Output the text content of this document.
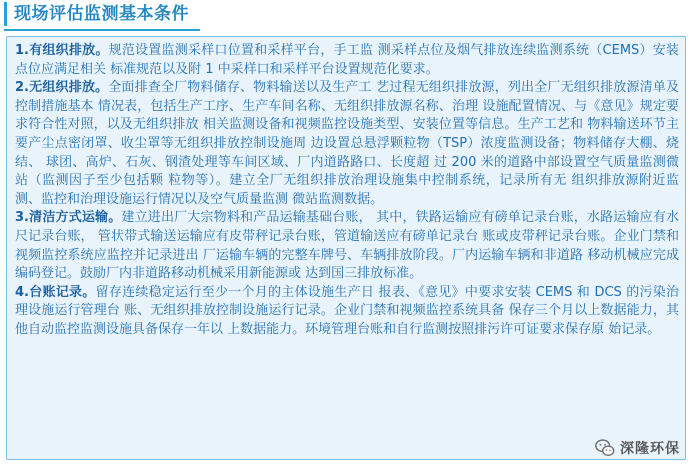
现场评估监测基本条件

1.有组织排放。规范设置监测采样口位置和采样平台，手工监 测采样点位及烟气排放连续监测系统（CEMS）安装点位应满足相关 标准规范以及附 1 中采样口和采样平台设置规范化要求。

2.无组织排放。全面排查全厂物料储存、物料输送以及生产工 艺过程无组织排放源，列出全厂无组织排放源清单及控制措施基本 情况表，包括生产工序、生产车间名称、无组织排放源名称、治理 设施配置情况、与《意见》规定要求符合性对照，以及无组织排放 相关监测设备和视频监控设施类型、安装位置等信息。生产工艺和 物料输送环节主要产尘点密闭罩、收尘罩等无组织排放控制设施周 边设置总悬浮颗粒物（TSP）浓度监测设备；物料储存大棚、烧结、 球团、高炉、石灰、钢渣处理等车间区域、厂内道路路口、长度超 过 200 米的道路中部设置空气质量监测微站（监测因子至少包括颗 粒物等）。建立全厂无组织排放治理设施集中控制系统，记录所有无 组织排放源附近监测、监控和治理设施运行情况以及空气质量监测 微站监测数据。

3.清洁方式运输。建立进出厂大宗物料和产品运输基础台账， 其中，铁路运输应有磅单记录台账，水路运输应有水尺记录台账， 管状带式输送运输应有皮带秤记录台账，管道输送应有磅单记录台 账或皮带秤记录台账。企业门禁和视频监控系统应监控并记录进出 厂运输车辆的完整车牌号、车辆排放阶段。厂内运输车辆和非道路 移动机械应完成编码登记。鼓励厂内非道路移动机械采用新能源或 达到国三排放标准。

4.台账记录。留存连续稳定运行至少一个月的主体设施生产日 报表、《意见》中要求安装 CEMS 和 DCS 的污染治理设施运行管理台 账、无组织排放控制设施运行记录。企业门禁和视频监控系统具备 保存三个月以上数据能力，其他自动监控监测设施具备保存一年以 上数据能力。环境管理台账和自行监测按照排污许可证要求保存原 始记录。

深隆环保
